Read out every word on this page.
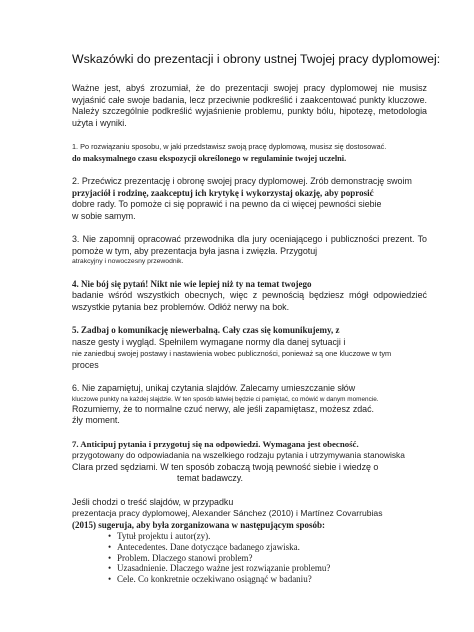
Wskazówki do prezentacji i obrony ustnej Twojej pracy dyplomowej:
Ważne jest, abyś zrozumiał, że do prezentacji swojej pracy dyplomowej nie musisz wyjaśnić całe swoje badania, lecz przeciwnie podkreślić i zaakcentować punkty kluczowe. Należy szczególnie podkreślić wyjaśnienie problemu, punkty bólu, hipotezę, metodologia użyta i wyniki.
1. Po rozwiązaniu sposobu, w jaki przedstawisz swoją pracę dyplomową, musisz się dostosować.
do maksymalnego czasu ekspozycji określonego w regulaminie twojej uczelni.
2. Przećwicz prezentację i obronę swojej pracy dyplomowej. Zrób demonstrację swoim
przyjaciół i rodzinę, zaakceptuj ich krytykę i wykorzystaj okazję, aby poprosić
dobre rady. To pomoże ci się poprawić i na pewno da ci więcej pewności siebie
w sobie samym.
3. Nie zapomnij opracować przewodnika dla jury oceniającego i publiczności prezent. To pomoże w tym, aby prezentacja była jasna i zwięzła. Przygotuj
atrakcyjny i nowoczesny przewodnik.
4. Nie bój się pytań! Nikt nie wie lepiej niż ty na temat twojego
badanie wśród wszystkich obecnych, więc z pewnością będziesz mógł odpowiedzieć wszystkie pytania bez problemów. Odłóż nerwy na bok.
5. Zadbaj o komunikację niewerbalną. Cały czas się komunikujemy, z
nasze gesty i wygląd. Spełnilem wymagane normy dla danej sytuacji i
nie zaniedbuj swojej postawy i nastawienia wobec publiczności, ponieważ są one kluczowe w tym
proces
6. Nie zapamiętuj, unikaj czytania slajdów. Zalecamy umieszczanie słów
kluczowe punkty na każdej slajdzie. W ten sposób łatwiej będzie ci pamiętać, co mówić w danym momencie.
Rozumiemy, że to normalne czuć nerwy, ale jeśli zapamiętasz, możesz zdać.
źły moment.
7. Anticipuj pytania i przygotuj się na odpowiedzi. Wymagana jest obecność.
przygotowany do odpowiadania na wszelkiego rodzaju pytania i utrzymywania stanowiska
Clara przed sędziami. W ten sposób zobaczą twoją pewność siebie i wiedzę o
temat badawczy.
Jeśli chodzi o treść slajdów, w przypadku
prezentacja pracy dyplomowej, Alexander Sánchez (2010) i Martínez Covarrubias
(2015) sugeruja, aby była zorganizowana w następującym sposób:
• Tytuł projektu i autor(zy).
• Antecedentes. Dane dotyczące badanego zjawiska.
• Problem. Dlaczego stanowi problem?
• Uzasadnienie. Dlaczego ważne jest rozwiązanie problemu?
• Cele. Co konkretnie oczekiwano osiągnąć w badaniu?
